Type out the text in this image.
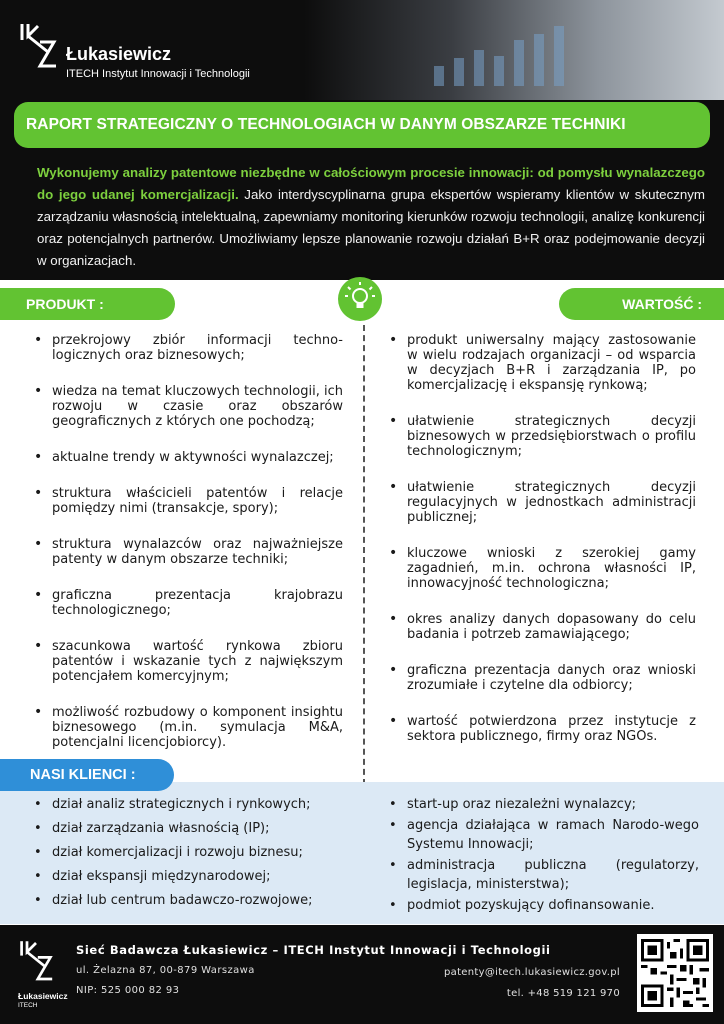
Łukasiewicz
ITECH Instytut Innowacji i Technologii
RAPORT STRATEGICZNY O TECHNOLOGIACH W DANYM OBSZARZE TECHNIKI

Wykonujemy analizy patentowe niezbędne w całościowym procesie innowacji: od pomysłu wynalazczego do jego udanej komercjalizacji. Jako interdyscyplinarna grupa ekspertów wspieramy klientów w skutecznym zarządzaniu własnością intelektualną, zapewniamy monitoring kierunków rozwoju technologii, analizę konkurencji oraz potencjalnych partnerów. Umożliwiamy lepsze planowanie rozwoju działań B+R oraz podejmowanie decyzji w organizacjach.

PRODUKT :	WARTOŚĆ :
• przekrojowy zbiór informacji techno-logicznych oraz biznesowych;
• wiedza na temat kluczowych technologii, ich rozwoju w czasie oraz obszarów geograficznych z których one pochodzą;
• aktualne trendy w aktywności wynalazczej;
• struktura właścicieli patentów i relacje pomiędzy nimi (transakcje, spory);
• struktura wynalazców oraz najważniejsze patenty w danym obszarze techniki;
• graficzna prezentacja krajobrazu technologicznego;
• szacunkowa wartość rynkowa zbioru patentów i wskazanie tych z największym potencjałem komercyjnym;
• możliwość rozbudowy o komponent insightu biznesowego (m.in. symulacja M&A, potencjalni licencjobiorcy).
• produkt uniwersalny mający zastosowanie w wielu rodzajach organizacji – od wsparcia w decyzjach B+R i zarządzania IP, po komercjalizację i ekspansję rynkową;
• ułatwienie strategicznych decyzji biznesowych w przedsiębiorstwach o profilu technologicznym;
• ułatwienie strategicznych decyzji regulacyjnych w jednostkach administracji publicznej;
• kluczowe wnioski z szerokiej gamy zagadnień, m.in. ochrona własności IP, innowacyjność technologiczna;
• okres analizy danych dopasowany do celu badania i potrzeb zamawiającego;
• graficzna prezentacja danych oraz wnioski zrozumiałe i czytelne dla odbiorcy;
• wartość potwierdzona przez instytucje z sektora publicznego, firmy oraz NGOs.
NASI KLIENCI :
• dział analiz strategicznych i rynkowych;
• dział zarządzania własnością (IP);
• dział komercjalizacji i rozwoju biznesu;
• dział ekspansji międzynarodowej;
• dział lub centrum badawczo-rozwojowe;
• start-up oraz niezależni wynalazcy;
• agencja działająca w ramach Narodo-wego Systemu Innowacji;
• administracja publiczna (regulatorzy, legislacja, ministerstwa);
• podmiot pozyskujący dofinansowanie.
Łukasiewicz
ITECH
Sieć Badawcza Łukasiewicz – ITECH Instytut Innowacji i Technologii
ul. Żelazna 87, 00-879 Warszawa
NIP: 525 000 82 93
patenty@itech.lukasiewicz.gov.pl
tel. +48 519 121 970
